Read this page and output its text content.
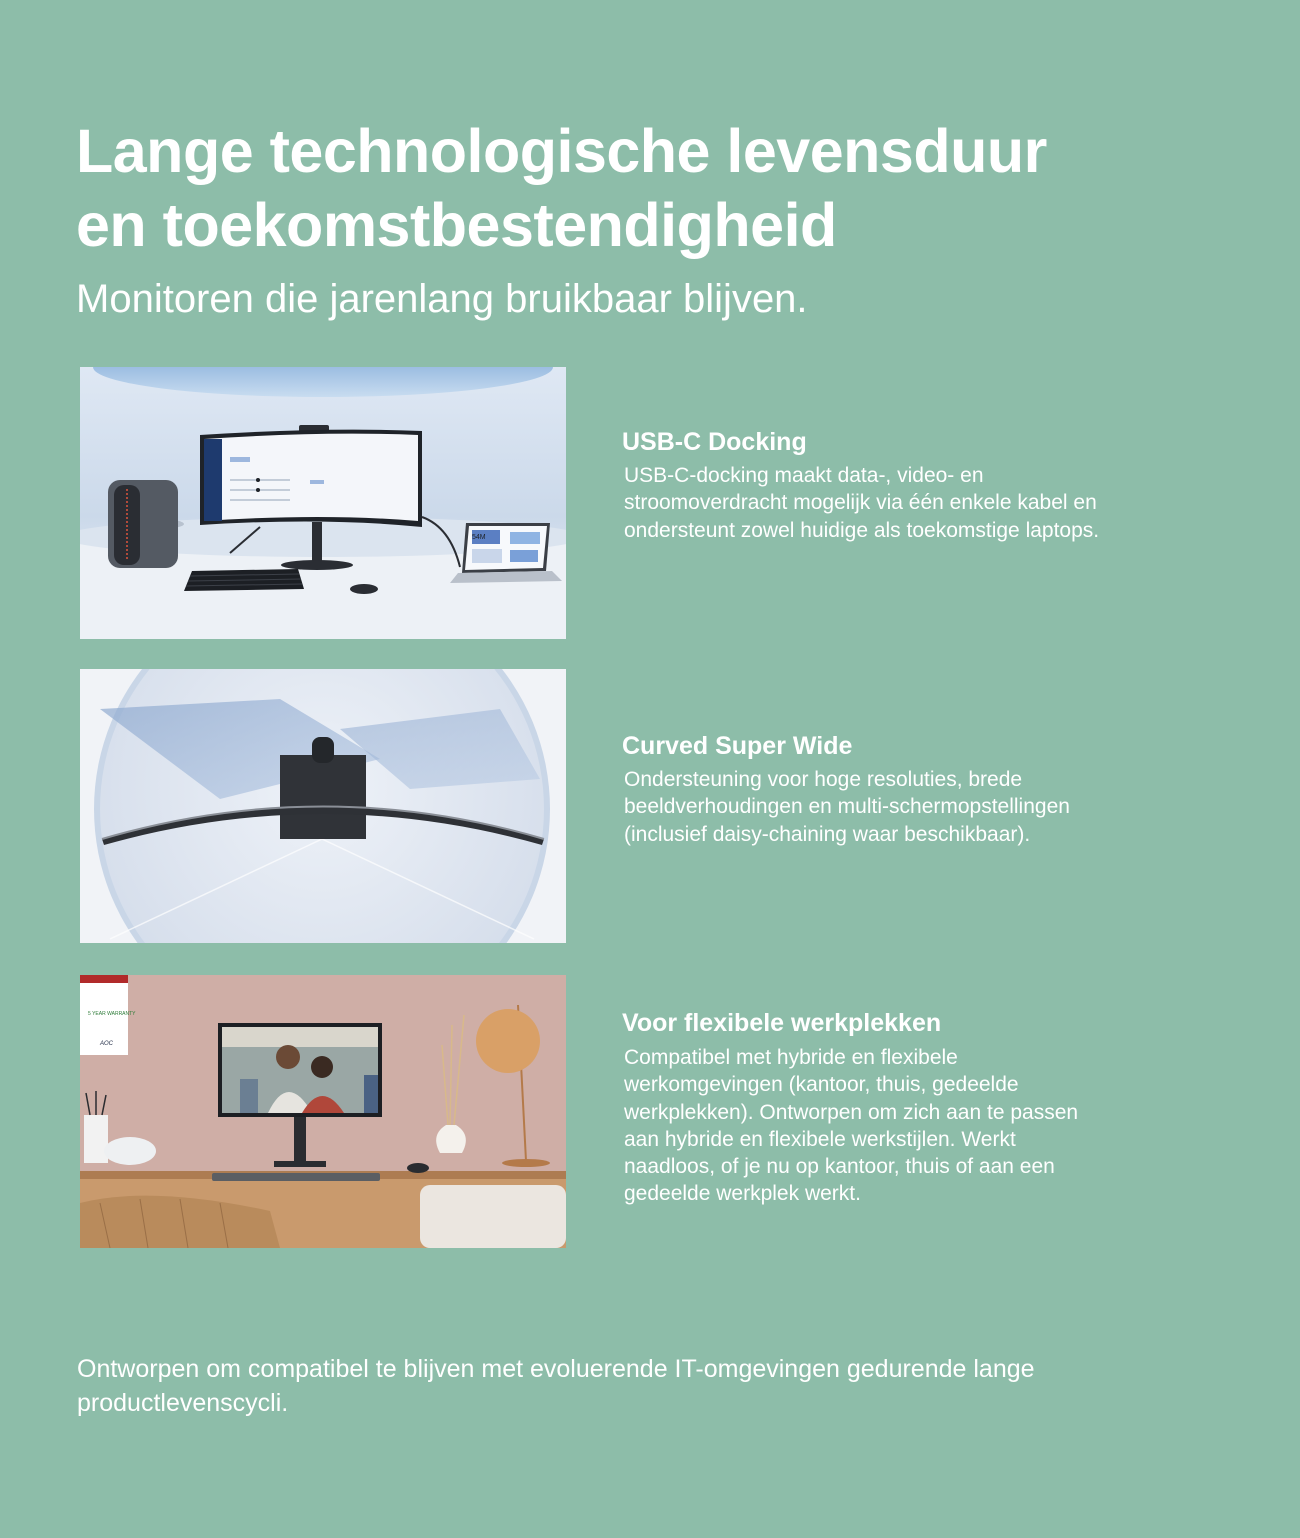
Lange technologische levensduur
en toekomstbestendigheid

Monitoren die jarenlang bruikbaar blijven.

54M
USB-C Docking

USB-C-docking maakt data-, video- en stroomoverdracht mogelijk via één enkele kabel en ondersteunt zowel huidige als toekomstige laptops.

Curved Super Wide

Ondersteuning voor hoge resoluties, brede beeldverhoudingen en multi-schermopstellingen (inclusief daisy-chaining waar beschikbaar).

5 YEAR WARRANTY
AOC
Voor flexibele werkplekken

Compatibel met hybride en flexibele werkomgevingen (kantoor, thuis, gedeelde werkplekken). Ontworpen om zich aan te passen aan hybride en flexibele werkstijlen. Werkt naadloos, of je nu op kantoor, thuis of aan een gedeelde werkplek werkt.

Ontworpen om compatibel te blijven met evoluerende IT-omgevingen gedurende lange productlevenscycli.
